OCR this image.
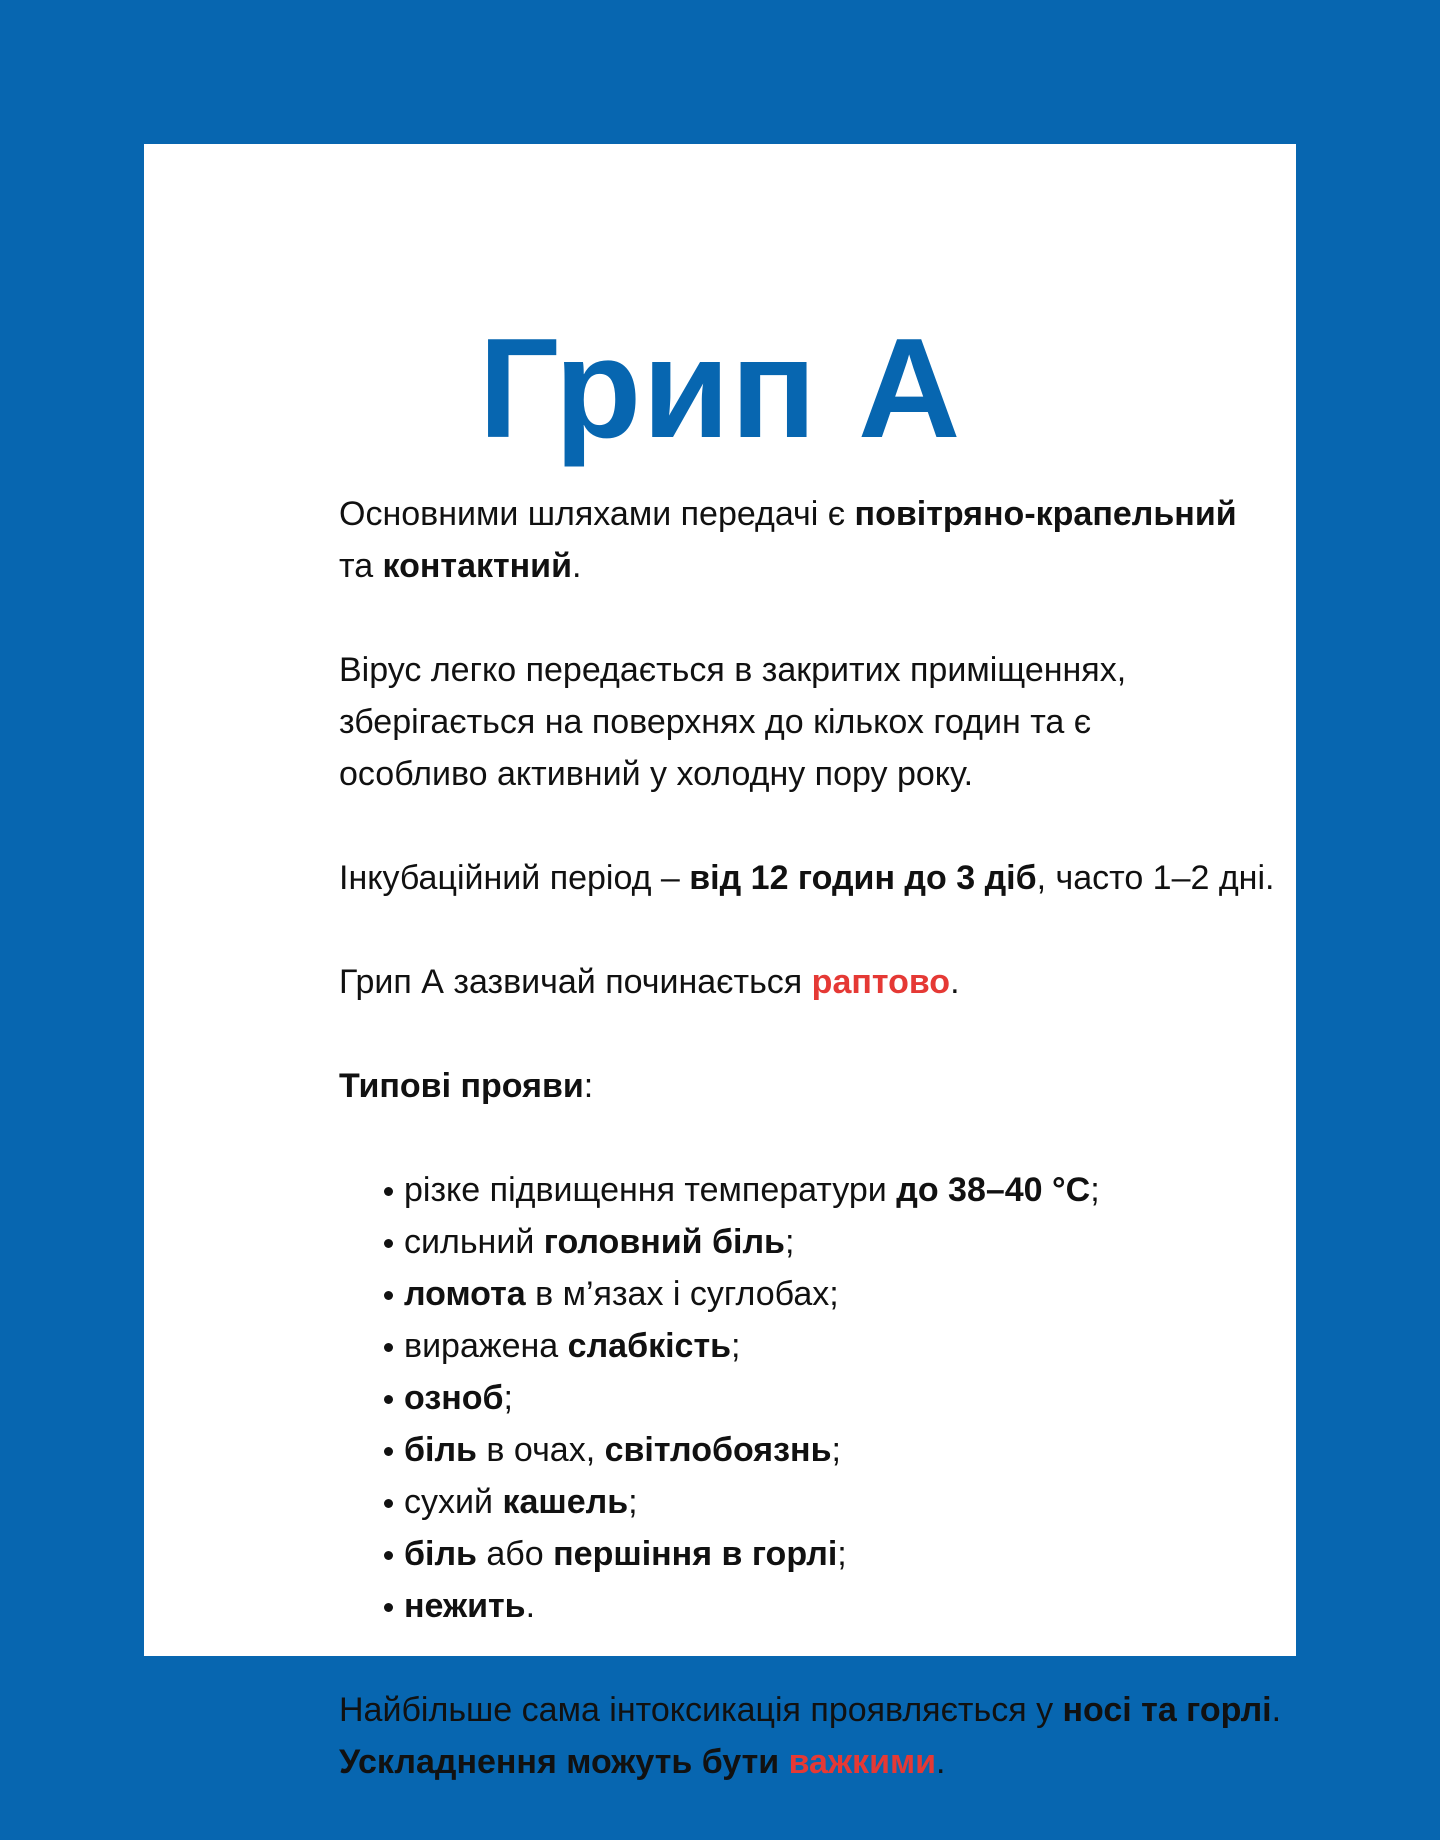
Грип А

Основними шляхами передачі є повітряно-крапельний
та контактний.

Вірус легко передається в закритих приміщеннях, зберігається на поверхнях до кількох годин та є особливо активний у холодну пору року.

Інкубаційний період – від 12 годин до 3 діб, часто 1–2 дні.

Грип А зазвичай починається раптово.

Типові прояви:

різке підвищення температури до 38–40 °C;
сильний головний біль;
ломота в м’язах і суглобах;
виражена слабкість;
озноб;
біль в очах, світлобоязнь;
сухий кашель;
біль або першіння в горлі;
нежить.

Найбільше сама інтоксикація проявляється у носі та горлі.
Ускладнення можуть бути важкими.
